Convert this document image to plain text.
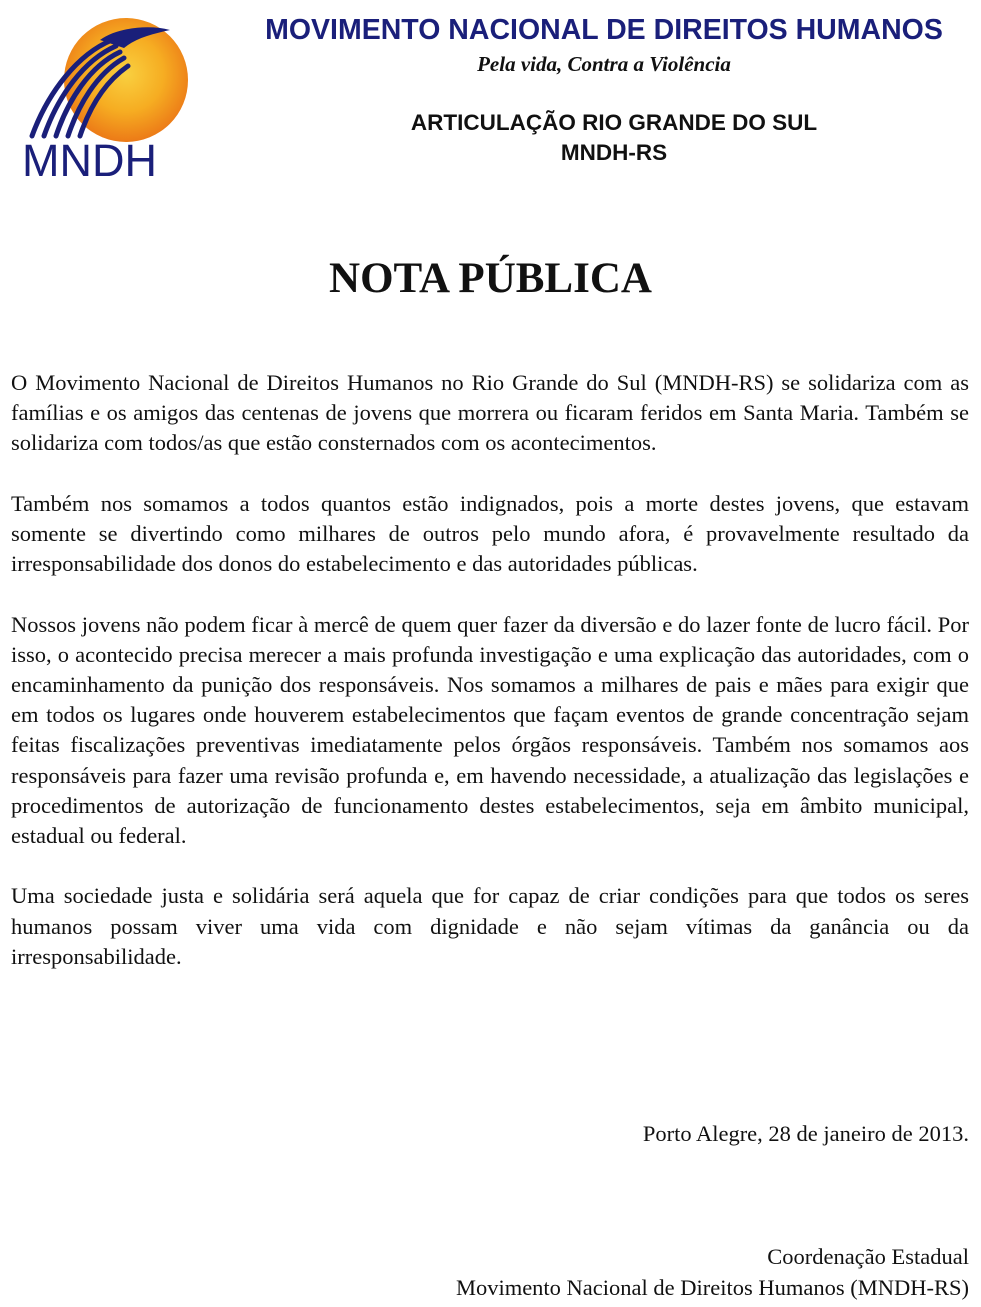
MNDH
MOVIMENTO NACIONAL DE DIREITOS HUMANOS
Pela vida, Contra a Violência
ARTICULAÇÃO RIO GRANDE DO SUL
MNDH-RS
NOTA PÚBLICA

O Movimento Nacional de Direitos Humanos no Rio Grande do Sul (MNDH-RS) se solidariza com as famílias e os amigos das centenas de jovens que morrera ou ficaram feridos em Santa Maria. Também se solidariza com todos/as que estão consternados com os acontecimentos.

Também nos somamos a todos quantos estão indignados, pois a morte destes jovens, que estavam somente se divertindo como milhares de outros pelo mundo afora, é provavelmente resultado da irresponsabilidade dos donos do estabelecimento e das autoridades públicas.

Nossos jovens não podem ficar à mercê de quem quer fazer da diversão e do lazer fonte de lucro fácil. Por isso, o acontecido precisa merecer a mais profunda investigação e uma explicação das autoridades, com o encaminhamento da punição dos responsáveis. Nos somamos a milhares de pais e mães para exigir que em todos os lugares onde houverem estabelecimentos que façam eventos de grande concentração sejam feitas fiscalizações preventivas imediatamente pelos órgãos responsáveis. Também nos somamos aos responsáveis para fazer uma revisão profunda e, em havendo necessidade, a atualização das legislações e procedimentos de autorização de funcionamento destes estabelecimentos, seja em âmbito municipal, estadual ou federal.

Uma sociedade justa e solidária será aquela que for capaz de criar condições para que todos os seres humanos possam viver uma vida com dignidade e não sejam vítimas da ganância ou da irresponsabilidade.

Porto Alegre, 28 de janeiro de 2013.
Coordenação Estadual
Movimento Nacional de Direitos Humanos (MNDH-RS)
